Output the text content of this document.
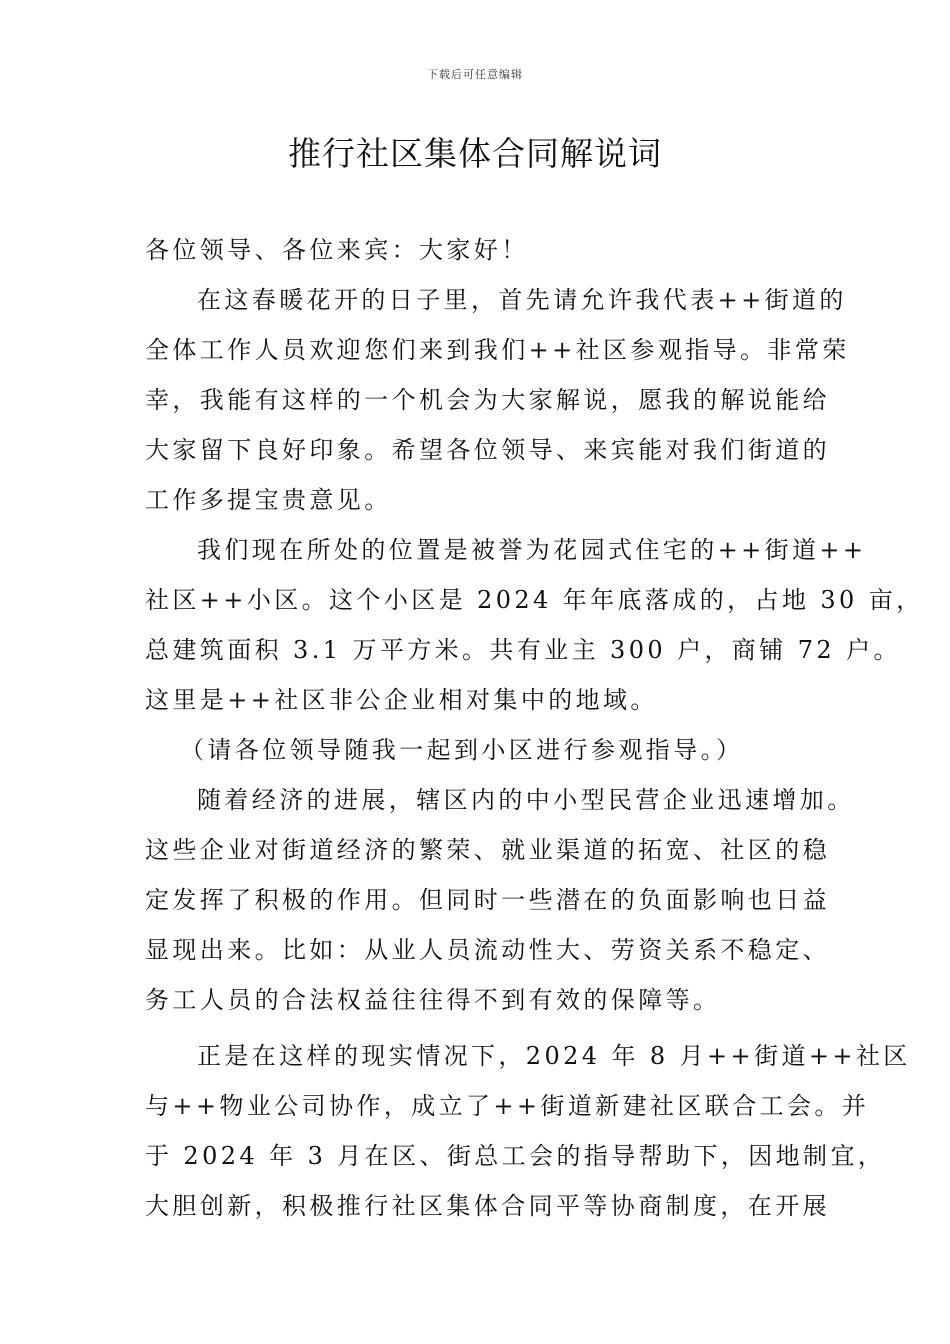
下载后可任意编辑
推行社区集体合同解说词
各位领导、各位来宾：大家好！
在这春暖花开的日子里，首先请允许我代表++街道的
全体工作人员欢迎您们来到我们++社区参观指导。非常荣
幸，我能有这样的一个机会为大家解说，愿我的解说能给
大家留下良好印象。希望各位领导、来宾能对我们街道的
工作多提宝贵意见。
我们现在所处的位置是被誉为花园式住宅的++街道++
社区++小区。这个小区是 2024 年年底落成的，占地 30 亩，
总建筑面积 3.1 万平方米。共有业主 300 户，商铺 72 户。
这里是++社区非公企业相对集中的地域。
（请各位领导随我一起到小区进行参观指导。）
随着经济的进展，辖区内的中小型民营企业迅速增加。
这些企业对街道经济的繁荣、就业渠道的拓宽、社区的稳
定发挥了积极的作用。但同时一些潜在的负面影响也日益
显现出来。比如：从业人员流动性大、劳资关系不稳定、
务工人员的合法权益往往得不到有效的保障等。
正是在这样的现实情况下，2024 年 8 月++街道++社区
与++物业公司协作，成立了++街道新建社区联合工会。并
于 2024 年 3 月在区、街总工会的指导帮助下，因地制宜，
大胆创新，积极推行社区集体合同平等协商制度，在开展
